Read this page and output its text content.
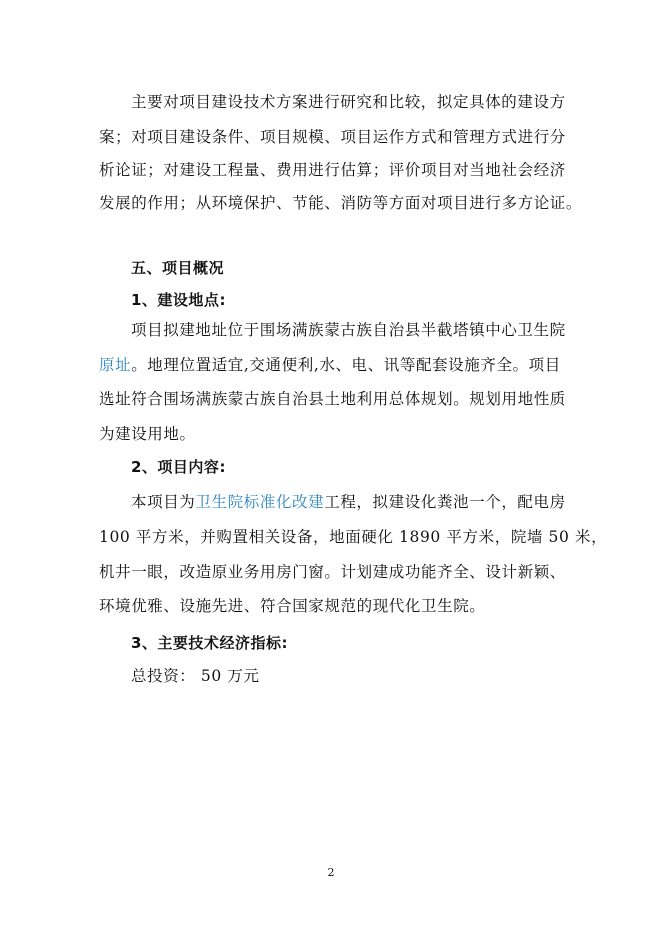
主要对项目建设技术方案进行研究和比较，拟定具体的建设方
案；对项目建设条件、项目规模、项目运作方式和管理方式进行分
析论证；对建设工程量、费用进行估算；评价项目对当地社会经济
发展的作用；从环境保护、节能、消防等方面对项目进行多方论证。
五、项目概况
1、建设地点:
项目拟建地址位于围场满族蒙古族自治县半截塔镇中心卫生院
原址。地理位置适宜,交通便利,水、电、讯等配套设施齐全。项目
选址符合围场满族蒙古族自治县土地利用总体规划。规划用地性质
为建设用地。
2、项目内容:
本项目为卫生院标准化改建工程，拟建设化粪池一个，配电房
100 平方米，并购置相关设备，地面硬化 1890 平方米，院墙 50 米，
机井一眼，改造原业务用房门窗。计划建成功能齐全、设计新颖、
环境优雅、设施先进、符合国家规范的现代化卫生院。
3、主要技术经济指标:
总投资： 50 万元
2
